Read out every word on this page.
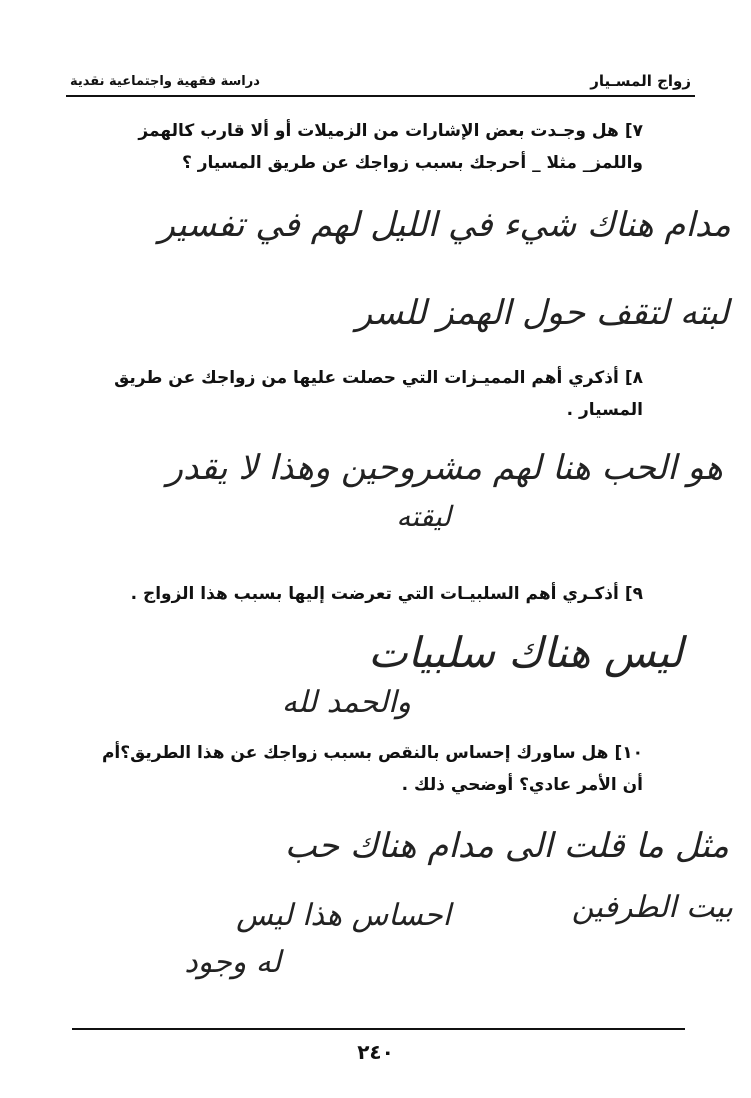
دراسة فقهية واجتماعية نقدية	زواج المسـيار
٧]هل وجـدت بعض الإشارات من الزميلات أو ألا قارب كالهمز
واللمز_ مثلا _ أحرجك بسبب زواجك عن طريق المسيار ؟
مدام هناك شيء في الليل لهم في تفسير
لبته لتقف حول الهمز للسر
٨]أذكري أهم المميـزات التي حصلت عليها من زواجك عن طريق
المسيار .
هو الحب هنا لهم مشروحين وهذا لا يقدر
ليقته
٩]أذكـري أهم السلبيـات التي تعرضت إليها بسبب هذا الزواج .
ليس هناك سلبيات
والحمد لله
١٠]هل ساورك إحساس بالنقص بسبب زواجك عن هذا الطريق؟أم
أن الأمر عادي؟ أوضحي ذلك .
مثل ما قلت الى مدام هناك حب
بيت الطرفين
احساس هذا ليس
له وجود
٢٤٠
